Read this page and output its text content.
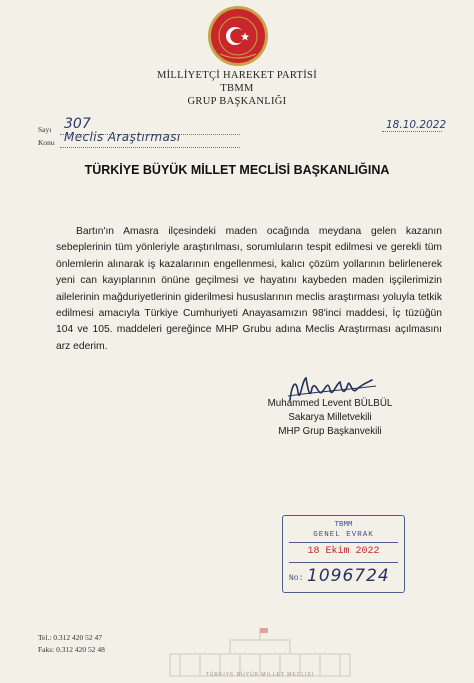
MİLLİYETÇİ HAREKET PARTİSİ
TBMM
GRUP BAŞKANLIĞI
Sayı 307
Konu Meclis Araştırması
18.10.2022
TÜRKİYE BÜYÜK MİLLET MECLİSİ BAŞKANLIĞINA
Bartın'ın Amasra ilçesindeki maden ocağında meydana gelen kazanın sebeplerinin tüm yönleriyle araştırılması, sorumluların tespit edilmesi ve gerekli tüm önlemlerin alınarak iş kazalarının engellenmesi, kalıcı çözüm yollarının belirlenerek yeni can kayıplarının önüne geçilmesi ve hayatını kaybeden maden işçilerimizin ailelerinin mağduriyetlerinin giderilmesi hususlarının meclis araştırması yoluyla tetkik edilmesi amacıyla Türkiye Cumhuriyeti Anayasamızın 98'inci maddesi, İç tüzüğün 104 ve 105. maddeleri gereğince MHP Grubu adına Meclis Araştırması açılmasını arz ederim.
Muhammed Levent BÜLBÜL
Sakarya Milletvekili
MHP Grup Başkanvekili
TBMM
GENEL EVRAK
18 Ekim 2022
No: 1096724
Tel.: 0.312 420 52 47
Faks: 0.312 420 52 48
TÜRKİYE BÜYÜK MİLLET MECLİSİ
